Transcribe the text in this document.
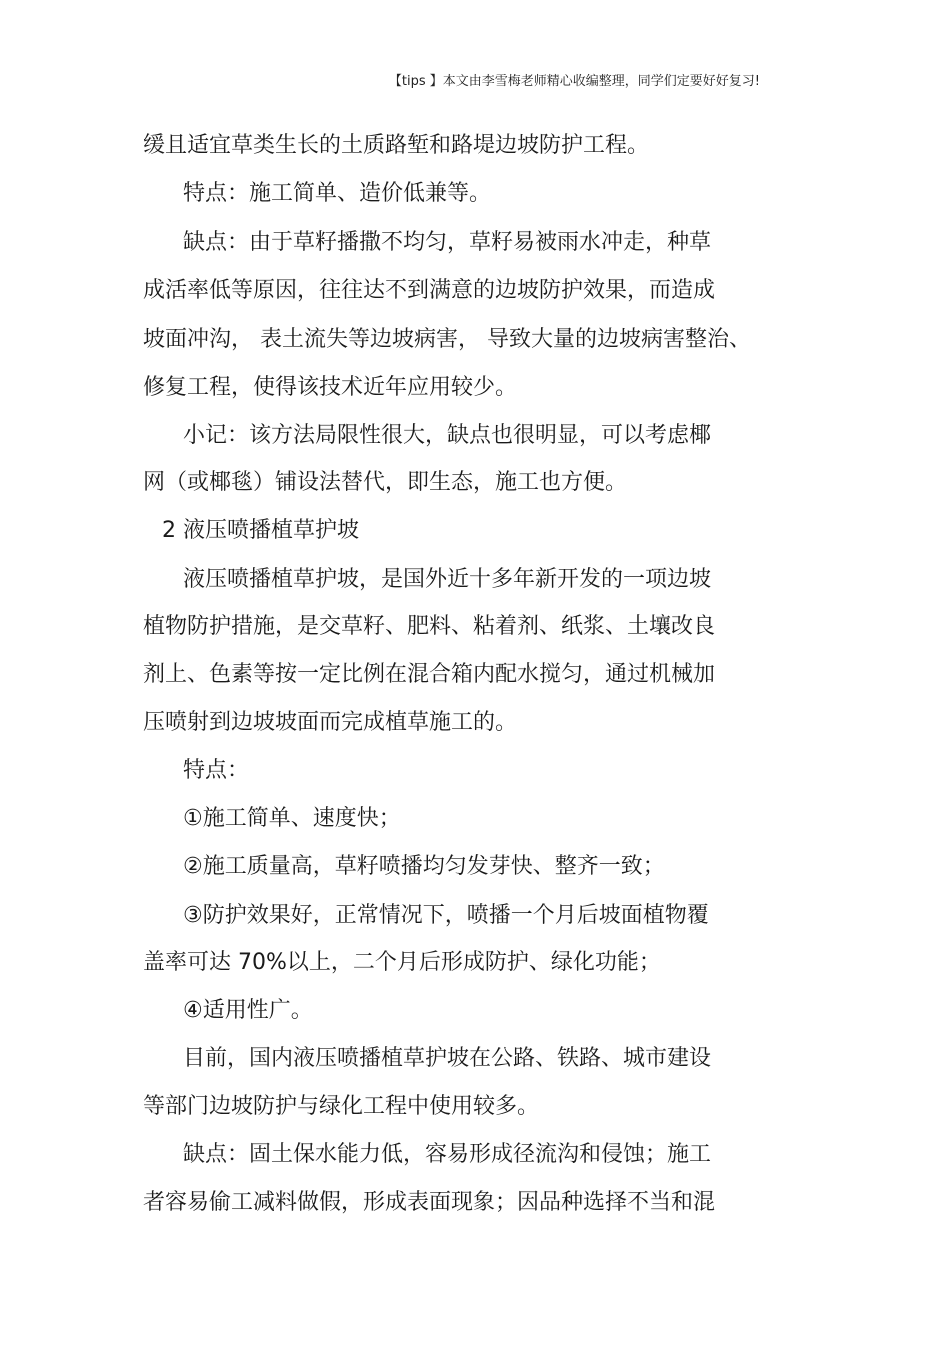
【tips 】本文由李雪梅老师精心收编整理，同学们定要好好复习!
缓且适宜草类生长的土质路堑和路堤边坡防护工程。
特点：施工简单、造价低兼等。
缺点：由于草籽播撒不均匀，草籽易被雨水冲走，种草
成活率低等原因，往往达不到满意的边坡防护效果，而造成
坡面冲沟， 表土流失等边坡病害， 导致大量的边坡病害整治、
修复工程，使得该技术近年应用较少。
小记：该方法局限性很大，缺点也很明显，可以考虑椰
网（或椰毯）铺设法替代，即生态，施工也方便。
2 液压喷播植草护坡
液压喷播植草护坡，是国外近十多年新开发的一项边坡
植物防护措施，是交草籽、肥料、粘着剂、纸浆、土壤改良
剂上、色素等按一定比例在混合箱内配水搅匀，通过机械加
压喷射到边坡坡面而完成植草施工的。
特点：
①施工简单、速度快；
②施工质量高，草籽喷播均匀发芽快、整齐一致；
③防护效果好，正常情况下，喷播一个月后坡面植物覆
盖率可达 70%以上，二个月后形成防护、绿化功能；
④适用性广。
目前，国内液压喷播植草护坡在公路、铁路、城市建设
等部门边坡防护与绿化工程中使用较多。
缺点：固土保水能力低，容易形成径流沟和侵蚀；施工
者容易偷工减料做假，形成表面现象；因品种选择不当和混
